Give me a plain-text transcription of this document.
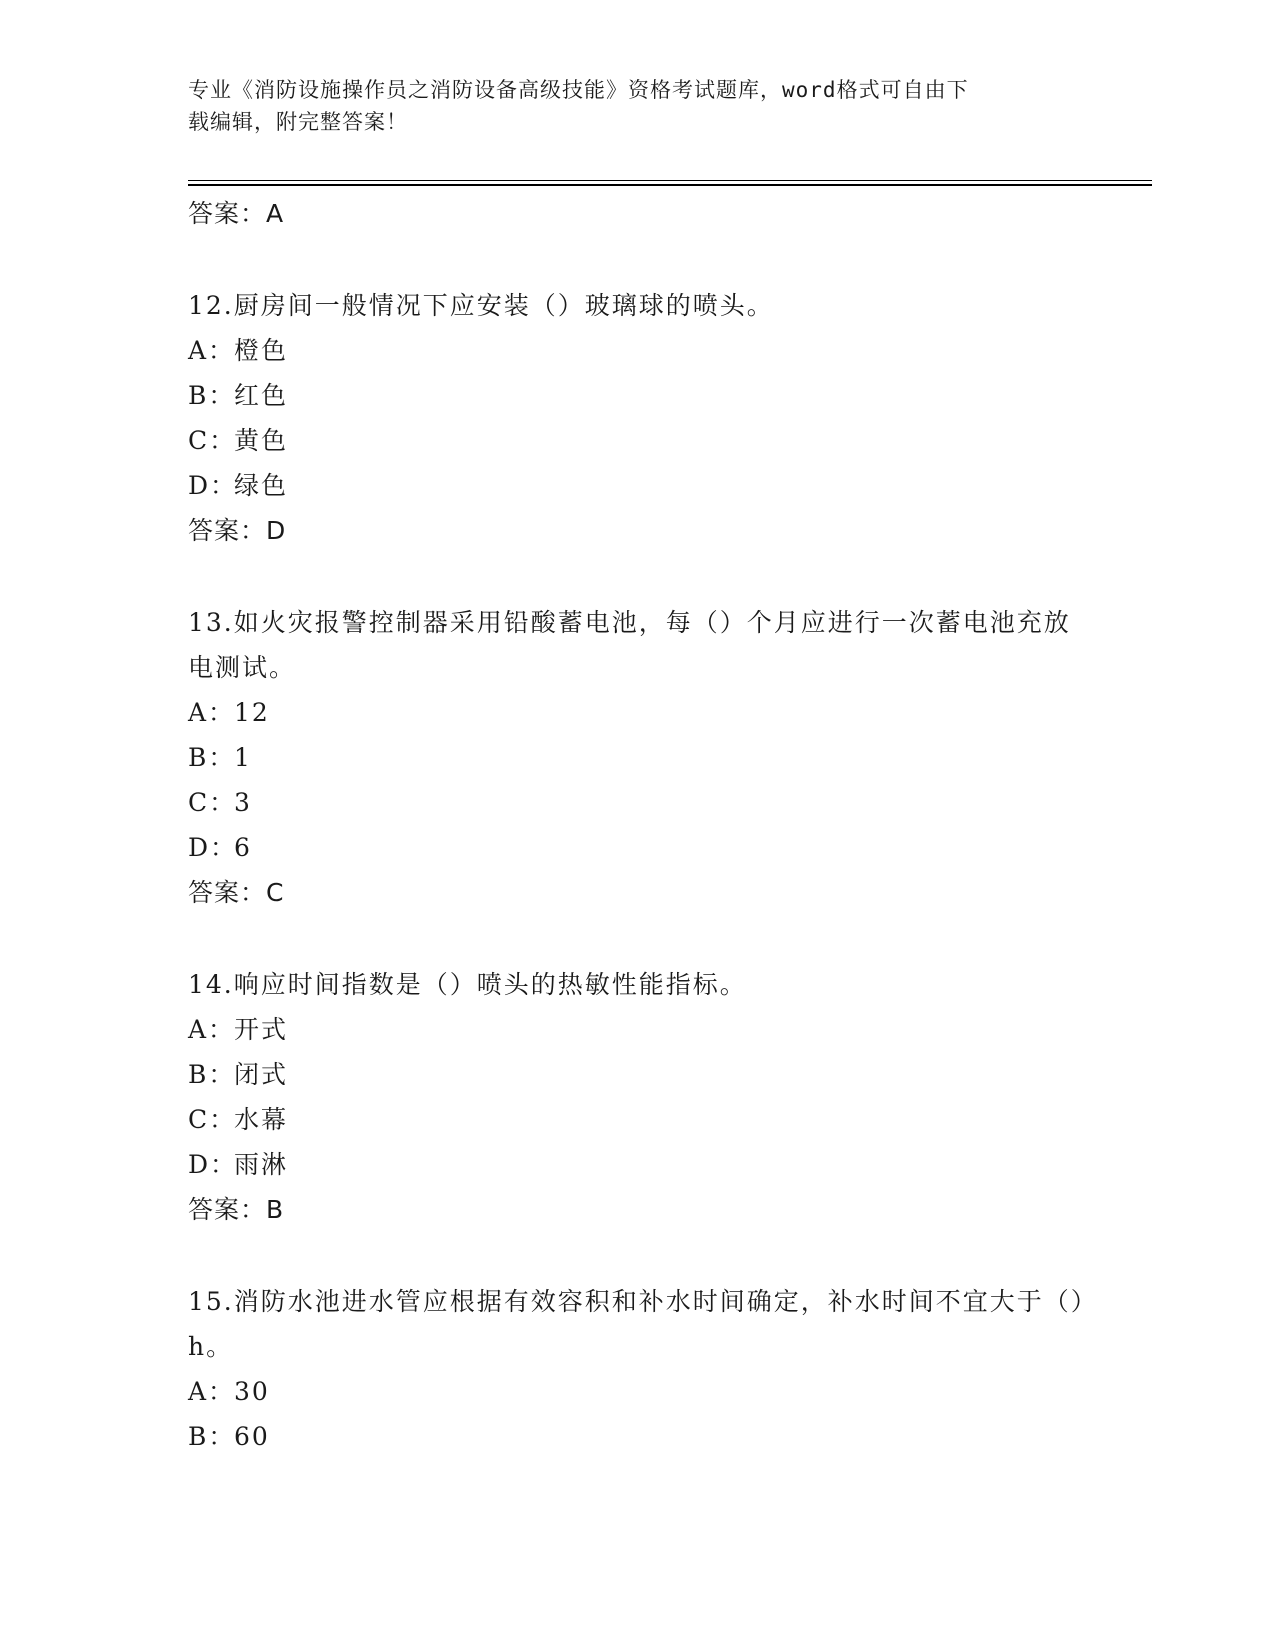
专业《消防设施操作员之消防设备高级技能》资格考试题库，word格式可自由下
载编辑，附完整答案！
答案：A
12.厨房间一般情况下应安装（）玻璃球的喷头。
A：橙色
B：红色
C：黄色
D：绿色
答案：D
13.如火灾报警控制器采用铅酸蓄电池，每（）个月应进行一次蓄电池充放电测试。
A：12
B：1
C：3
D：6
答案：C
14.响应时间指数是（）喷头的热敏性能指标。
A：开式
B：闭式
C：水幕
D：雨淋
答案：B
15.消防水池进水管应根据有效容积和补水时间确定，补水时间不宜大于（）h。
A：30
B：60
